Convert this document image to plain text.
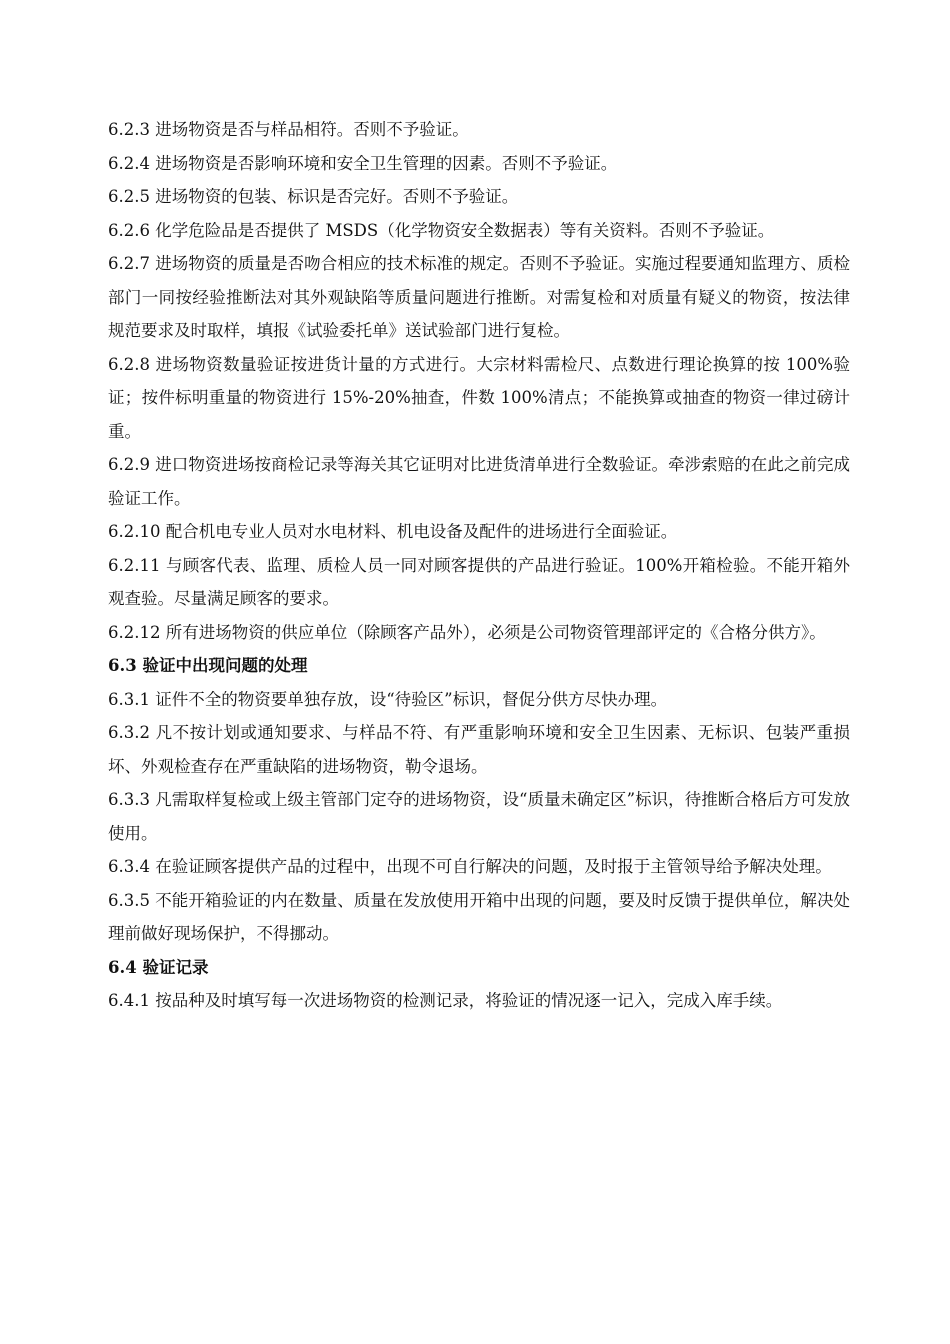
6.2.3 进场物资是否与样品相符。否则不予验证。

6.2.4 进场物资是否影响环境和安全卫生管理的因素。否则不予验证。

6.2.5 进场物资的包装、标识是否完好。否则不予验证。

6.2.6 化学危险品是否提供了 MSDS（化学物资安全数据表）等有关资料。否则不予验证。

6.2.7 进场物资的质量是否吻合相应的技术标准的规定。否则不予验证。实施过程要通知监理方、质检部门一同按经验推断法对其外观缺陷等质量问题进行推断。对需复检和对质量有疑义的物资，按法律规范要求及时取样，填报《试验委托单》送试验部门进行复检。

6.2.8 进场物资数量验证按进货计量的方式进行。大宗材料需检尺、点数进行理论换算的按 100%验证；按件标明重量的物资进行 15%-20%抽查，件数 100%清点；不能换算或抽查的物资一律过磅计重。

6.2.9 进口物资进场按商检记录等海关其它证明对比进货清单进行全数验证。牵涉索赔的在此之前完成验证工作。

6.2.10 配合机电专业人员对水电材料、机电设备及配件的进场进行全面验证。

6.2.11 与顾客代表、监理、质检人员一同对顾客提供的产品进行验证。100%开箱检验。不能开箱外观查验。尽量满足顾客的要求。

6.2.12 所有进场物资的供应单位（除顾客产品外），必须是公司物资管理部评定的《合格分供方》。

6.3 验证中出现问题的处理

6.3.1 证件不全的物资要单独存放，设“待验区”标识，督促分供方尽快办理。

6.3.2 凡不按计划或通知要求、与样品不符、有严重影响环境和安全卫生因素、无标识、包装严重损坏、外观检查存在严重缺陷的进场物资，勒令退场。

6.3.3 凡需取样复检或上级主管部门定夺的进场物资，设“质量未确定区”标识，待推断合格后方可发放使用。

6.3.4 在验证顾客提供产品的过程中，出现不可自行解决的问题，及时报于主管领导给予解决处理。

6.3.5 不能开箱验证的内在数量、质量在发放使用开箱中出现的问题，要及时反馈于提供单位，解决处理前做好现场保护，不得挪动。

6.4 验证记录

6.4.1 按品种及时填写每一次进场物资的检测记录，将验证的情况逐一记入，完成入库手续。
